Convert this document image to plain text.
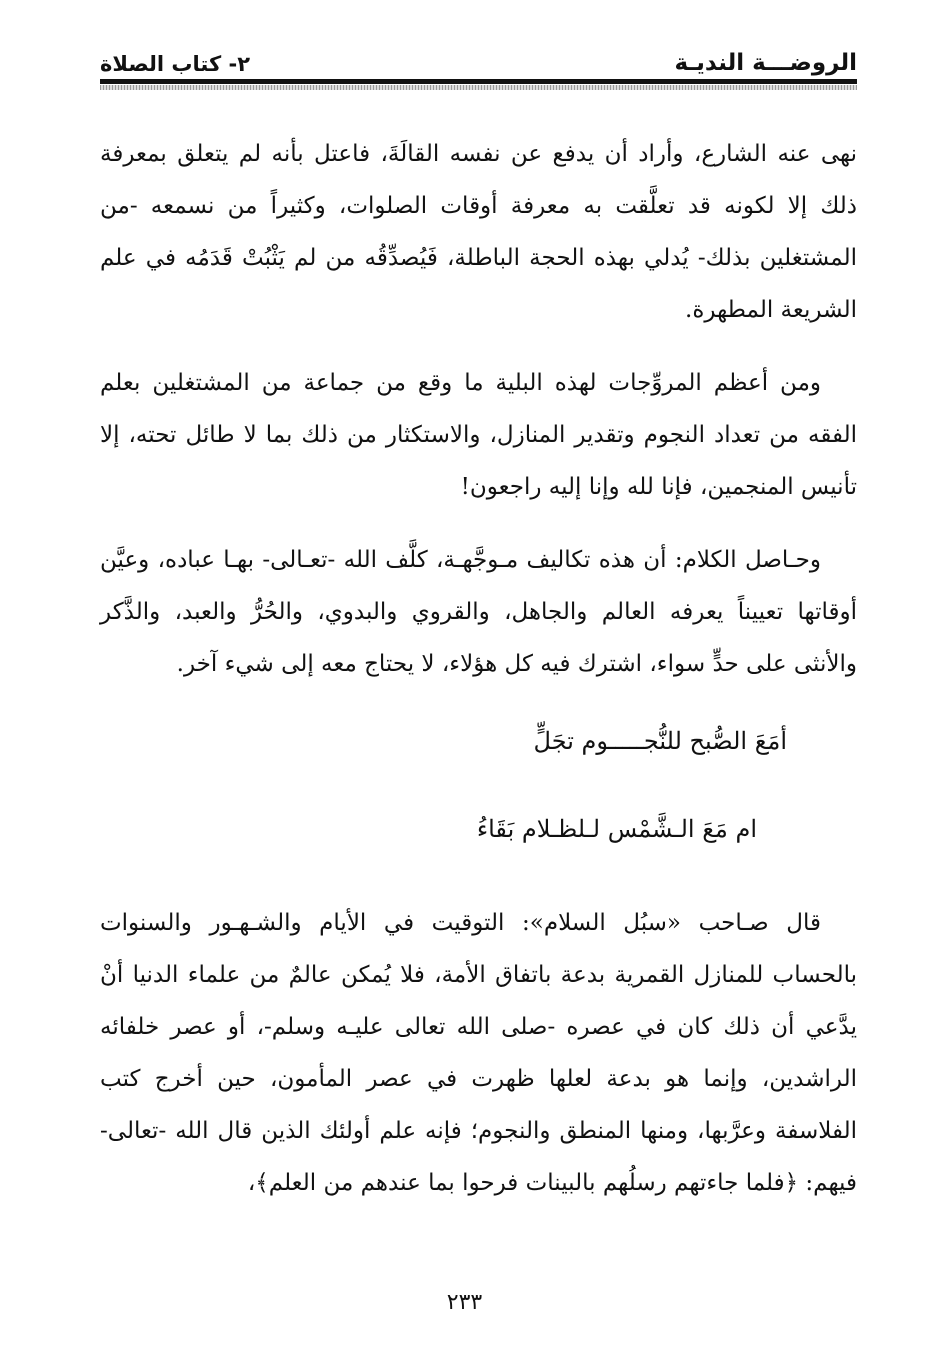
الروضـــة النديـة
٢- كتاب الصلاة

نهى عنه الشارع، وأراد أن يدفع عن نفسه القالَةَ، فاعتل بأنه لم يتعلق بمعرفة ذلك إلا لكونه قد تعلَّقت به معرفة أوقات الصلوات، وكثيراً من نسمعه -من المشتغلين بذلك- يُدلي بهذه الحجة الباطلة، فَيُصدِّقُه من لم يَثْبُتْ قَدَمُه في علم الشريعة المطهرة.

ومن أعظم المروِّجات لهذه البلية ما وقع من جماعة من المشتغلين بعلم الفقه من تعداد النجوم وتقدير المنازل، والاستكثار من ذلك بما لا طائل تحته، إلا تأنيس المنجمين، فإنا لله وإنا إليه راجعون!

وحـاصل الكلام: أن هذه تكاليف مـوجَّهـة، كلَّف الله -تعـالى- بهـا عباده، وعيَّن أوقاتها تعييناً يعرفه العالم والجاهل، والقروي والبدوي، والحُرُّ والعبد، والذَّكر والأنثى على حدٍّ سواء، اشترك فيه كل هؤلاء، لا يحتاج معه إلى شيء آخر.

أمَعَ الصُّبح للنُّجـــــوم تجَلٍّ
ام مَعَ الـشَّمْس لـلظـلام بَقَاءُ

قال صـاحب «سبُل السلام»: التوقيت في الأيام والشـهـور والسنوات بالحساب للمنازل القمرية بدعة باتفاق الأمة، فلا يُمكن عالمٌ من علماء الدنيا أنْ يدَّعي أن ذلك كان في عصره -صلى الله تعالى عليـه وسلم-، أو عصر خلفائه الراشدين، وإنما هو بدعة لعلها ظهرت في عصر المأمون، حين أخرج كتب الفلاسفة وعرَّبها، ومنها المنطق والنجوم؛ فإنه علم أولئك الذين قال الله -تعالى- فيهم: ﴿فلما جاءتهم رسلُهم بالبينات فرحوا بما عندهم من العلم﴾،

٢٣٣
